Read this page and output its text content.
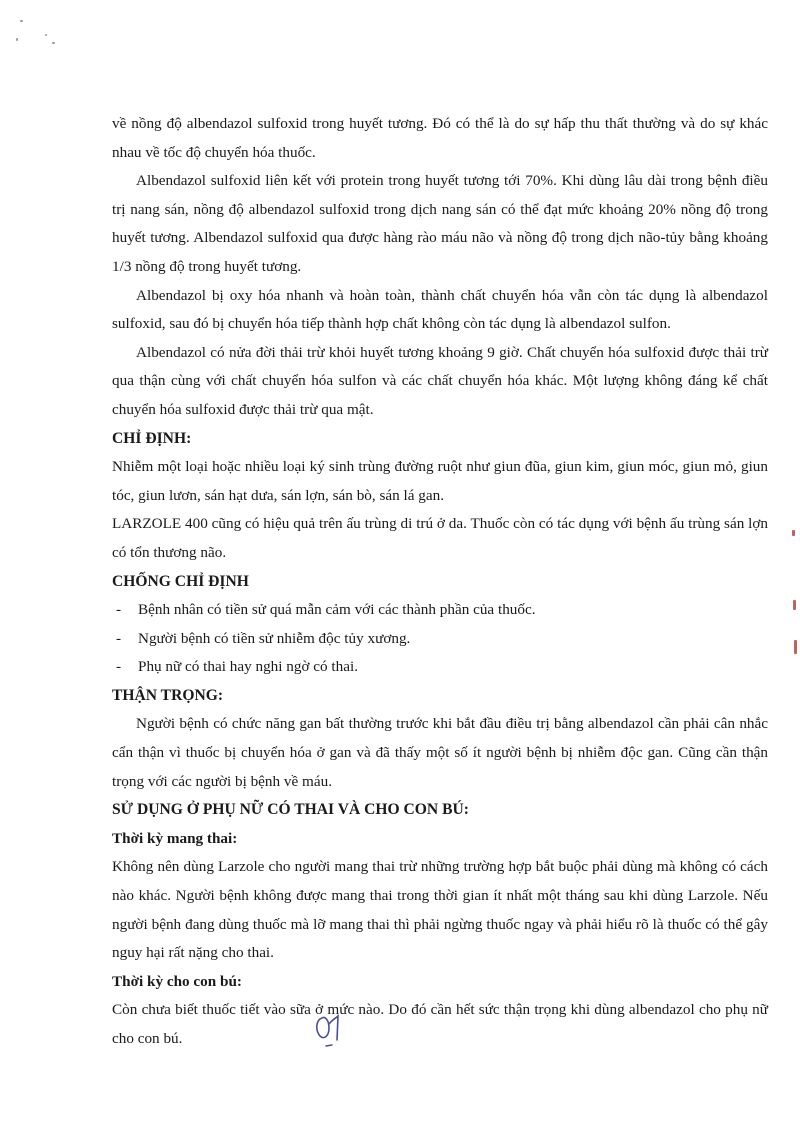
về nồng độ albendazol sulfoxid trong huyết tương. Đó có thể là do sự hấp thu thất thường và do sự khác nhau về tốc độ chuyển hóa thuốc.

Albendazol sulfoxid liên kết với protein trong huyết tương tới 70%. Khi dùng lâu dài trong bệnh điều trị nang sán, nồng độ albendazol sulfoxid trong dịch nang sán có thể đạt mức khoảng 20% nồng độ trong huyết tương. Albendazol sulfoxid qua được hàng rào máu não và nồng độ trong dịch não-tủy bằng khoảng 1/3 nồng độ trong huyết tương.

Albendazol bị oxy hóa nhanh và hoàn toàn, thành chất chuyển hóa vẫn còn tác dụng là albendazol sulfoxid, sau đó bị chuyển hóa tiếp thành hợp chất không còn tác dụng là albendazol sulfon.

Albendazol có nửa đời thải trừ khỏi huyết tương khoảng 9 giờ. Chất chuyển hóa sulfoxid được thải trừ qua thận cùng với chất chuyển hóa sulfon và các chất chuyển hóa khác. Một lượng không đáng kể chất chuyển hóa sulfoxid được thải trừ qua mật.

CHỈ ĐỊNH:

Nhiễm một loại hoặc nhiều loại ký sinh trùng đường ruột như giun đũa, giun kim, giun móc, giun mỏ, giun tóc, giun lươn, sán hạt dưa, sán lợn, sán bò, sán lá gan.

LARZOLE 400 cũng có hiệu quả trên ấu trùng di trú ở da. Thuốc còn có tác dụng với bệnh ấu trùng sán lợn có tổn thương não.

CHỐNG CHỈ ĐỊNH
- Bệnh nhân có tiền sử quá mẫn cảm với các thành phần của thuốc.
- Người bệnh có tiền sử nhiễm độc tủy xương.
- Phụ nữ có thai hay nghi ngờ có thai.
THẬN TRỌNG:

Người bệnh có chức năng gan bất thường trước khi bắt đầu điều trị bằng albendazol cần phải cân nhắc cẩn thận vì thuốc bị chuyển hóa ở gan và đã thấy một số ít người bệnh bị nhiễm độc gan. Cũng cần thận trọng với các người bị bệnh về máu.

SỬ DỤNG Ở PHỤ NỮ CÓ THAI VÀ CHO CON BÚ:
Thời kỳ mang thai:

Không nên dùng Larzole cho người mang thai trừ những trường hợp bắt buộc phải dùng mà không có cách nào khác. Người bệnh không được mang thai trong thời gian ít nhất một tháng sau khi dùng Larzole. Nếu người bệnh đang dùng thuốc mà lỡ mang thai thì phải ngừng thuốc ngay và phải hiểu rõ là thuốc có thể gây nguy hại rất nặng cho thai.

Thời kỳ cho con bú:

Còn chưa biết thuốc tiết vào sữa ở mức nào. Do đó cần hết sức thận trọng khi dùng albendazol cho phụ nữ cho con bú.
